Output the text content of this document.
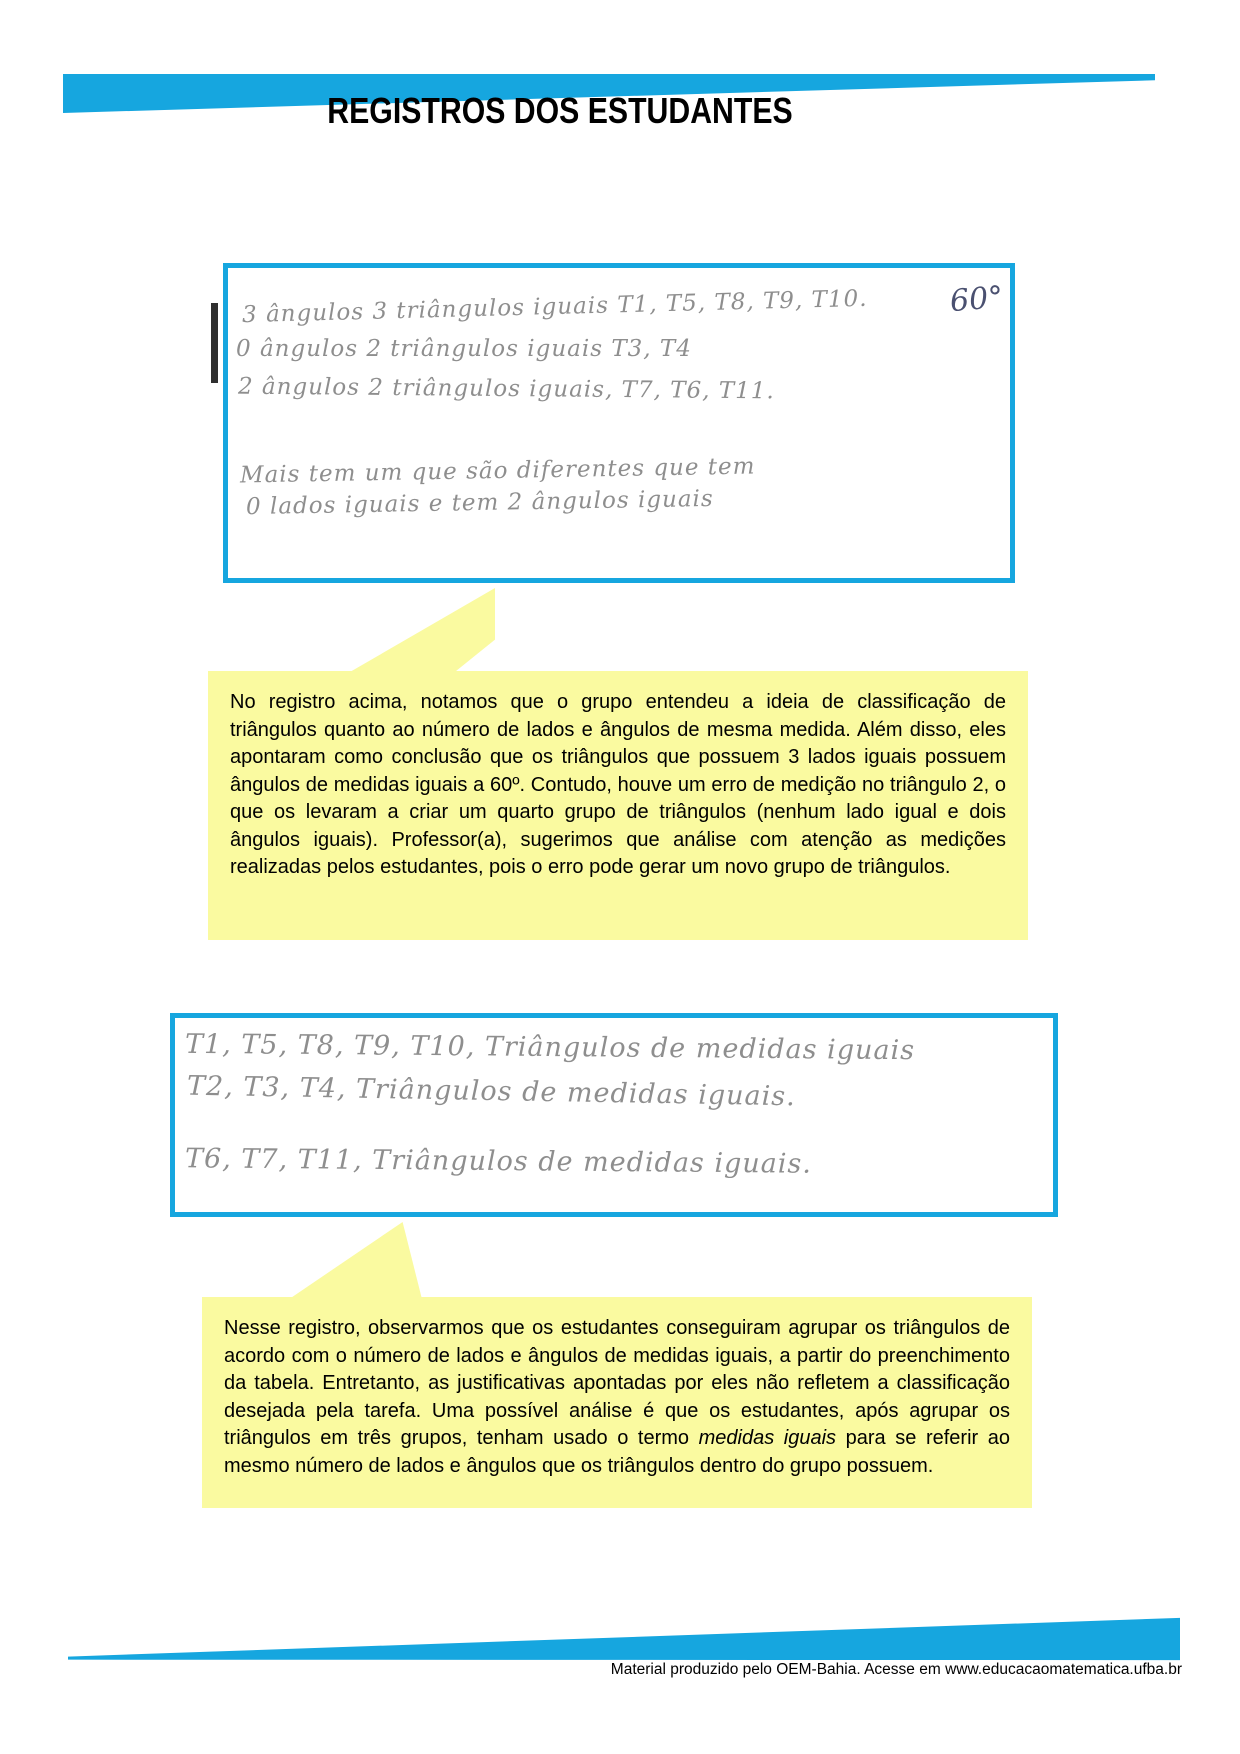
REGISTROS DOS ESTUDANTES
3 ângulos 3 triângulos iguais T1, T5, T8, T9, T10.
0 ângulos 2 triângulos iguais T3, T4
2 ângulos 2 triângulos iguais, T7, T6, T11.
Mais tem um que são diferentes que tem
0 lados iguais e tem 2 ângulos iguais
60°
No registro acima, notamos que o grupo entendeu a ideia de classificação de triângulos quanto ao número de lados e ângulos de mesma medida. Além disso, eles apontaram como conclusão que os triângulos que possuem 3 lados iguais possuem ângulos de medidas iguais a 60º. Contudo, houve um erro de medição no triângulo 2, o que os levaram a criar um quarto grupo de triângulos (nenhum lado igual e dois ângulos iguais). Professor(a), sugerimos que análise com atenção as medições realizadas pelos estudantes, pois o erro pode gerar um novo grupo de triângulos.
T1, T5, T8, T9, T10, Triângulos de medidas iguais
T2, T3, T4, Triângulos de medidas iguais.
T6, T7, T11, Triângulos de medidas iguais.
Nesse registro, observarmos que os estudantes conseguiram agrupar os triângulos de acordo com o número de lados e ângulos de medidas iguais, a partir do preenchimento da tabela. Entretanto, as justificativas apontadas por eles não refletem a classificação desejada pela tarefa. Uma possível análise é que os estudantes, após agrupar os triângulos em três grupos, tenham usado o termo medidas iguais para se referir ao mesmo número de lados e ângulos que os triângulos dentro do grupo possuem.
Material produzido pelo OEM-Bahia. Acesse em www.educacaomatematica.ufba.br
